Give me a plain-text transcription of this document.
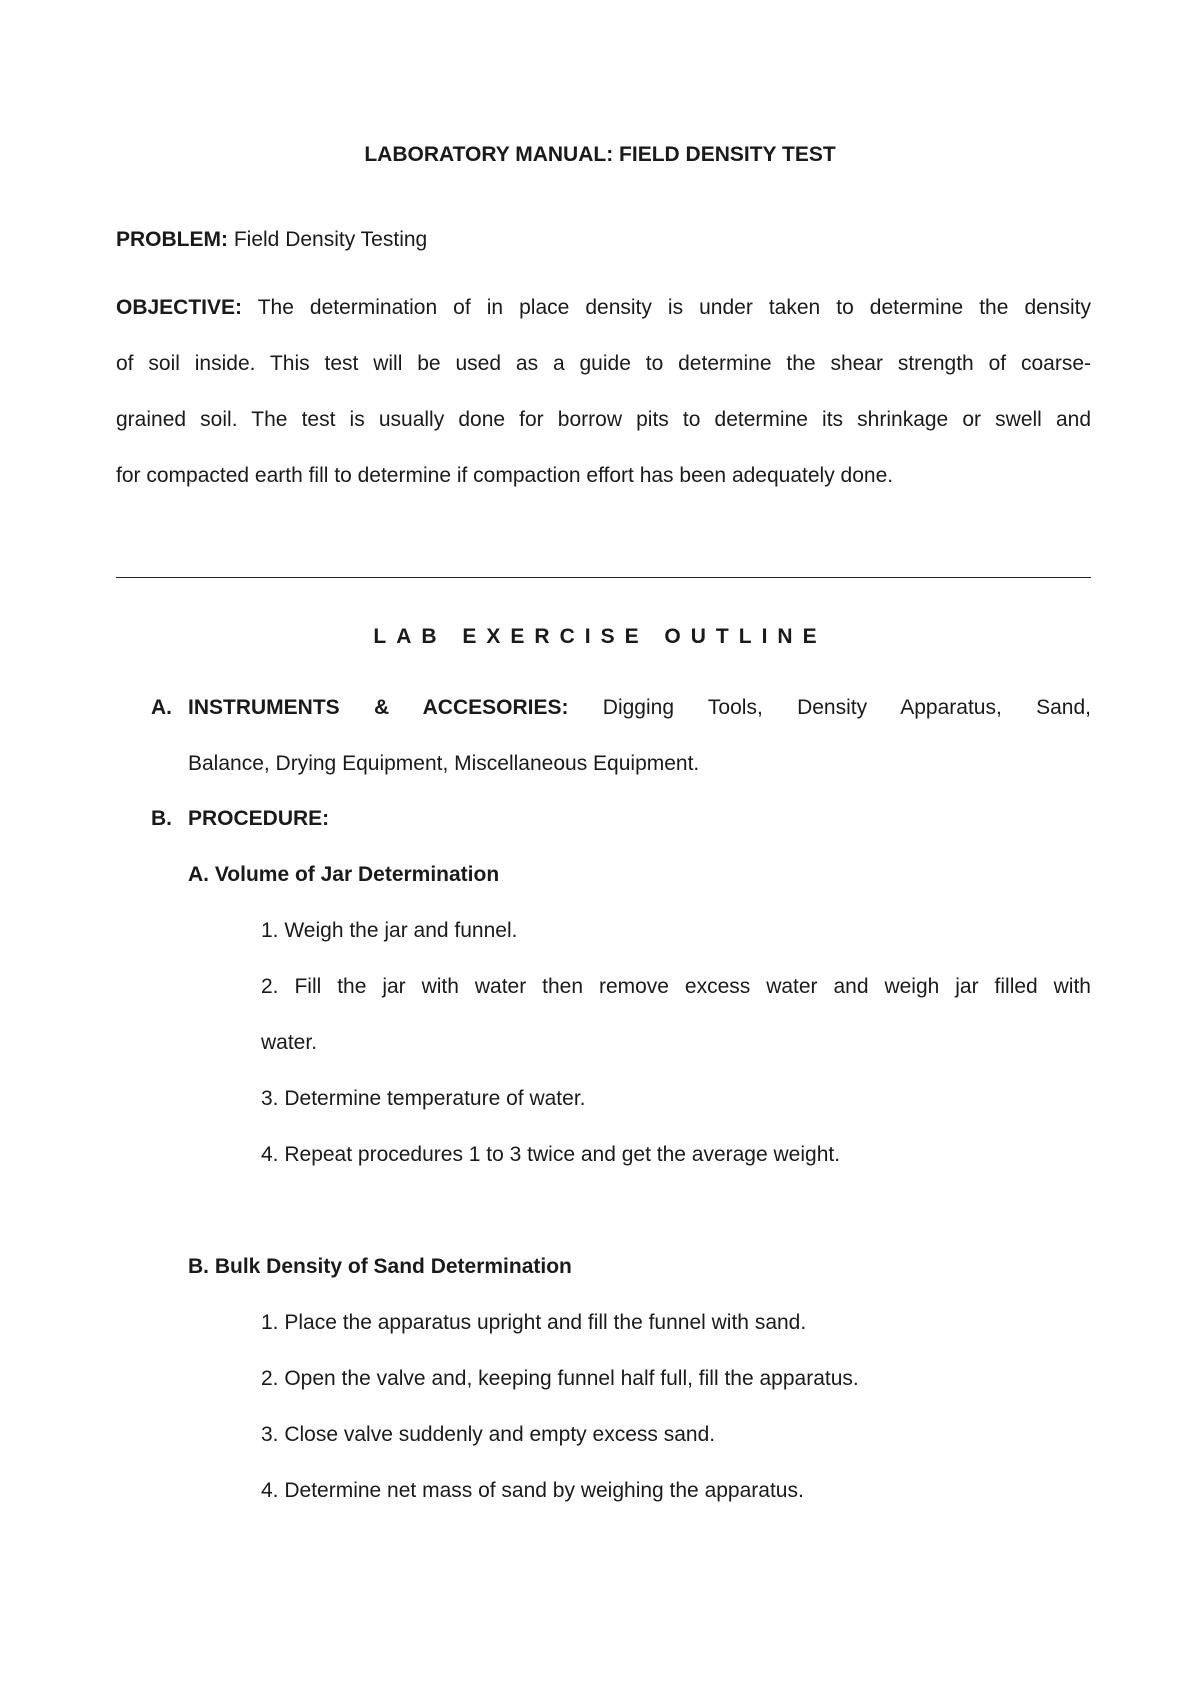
LABORATORY MANUAL: FIELD DENSITY TEST

PROBLEM: Field Density Testing

OBJECTIVE: The determination of in place density is under taken to determine the density
of soil inside. This test will be used as a guide to determine the shear strength of coarse-
grained soil. The test is usually done for borrow pits to determine its shrinkage or swell and
for compacted earth fill to determine if compaction effort has been adequately done.
LAB EXERCISE OUTLINE
A. INSTRUMENTS & ACCESORIES: Digging Tools, Density Apparatus, Sand,
Balance, Drying Equipment, Miscellaneous Equipment.
B. PROCEDURE:
A. Volume of Jar Determination
1. Weigh the jar and funnel.
2. Fill the jar with water then remove excess water and weigh jar filled with
water.
3. Determine temperature of water.
4. Repeat procedures 1 to 3 twice and get the average weight.
B. Bulk Density of Sand Determination
1. Place the apparatus upright and fill the funnel with sand.
2. Open the valve and, keeping funnel half full, fill the apparatus.
3. Close valve suddenly and empty excess sand.
4. Determine net mass of sand by weighing the apparatus.
